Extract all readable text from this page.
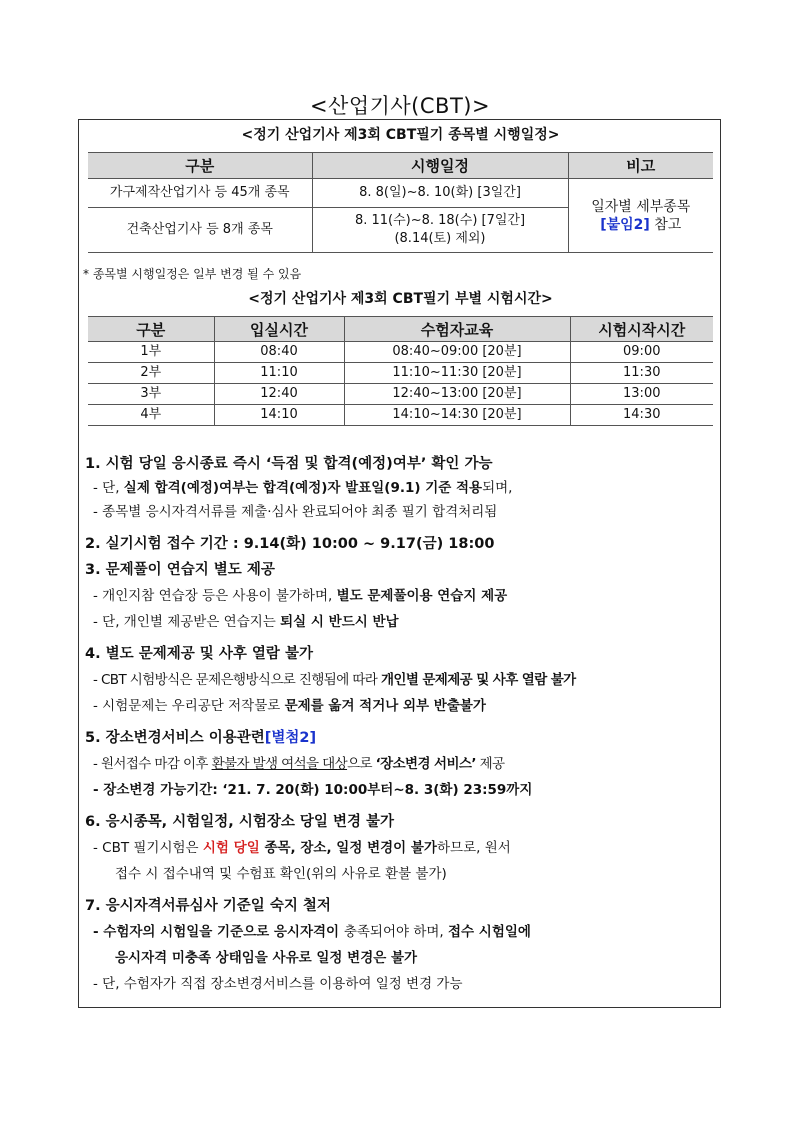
<산업기사(CBT)>
<정기 산업기사 제3회 CBT필기 종목별 시행일정>
구분	시행일정	비고
가구제작산업기사 등 45개 종목	8. 8(일)~8. 10(화) [3일간]	일자별 세부종목
[붙임2] 참고

건축산업기사 등 8개 종목	8. 11(수)~8. 18(수) [7일간]
(8.14(토) 제외)	
* 종목별 시행일정은 일부 변경 될 수 있음
<정기 산업기사 제3회 CBT필기 부별 시험시간>
구분	입실시간	수험자교육	시험시작시간
1부	08:40	08:40~09:00 [20분]	09:00
2부	11:10	11:10~11:30 [20분]	11:30
3부	12:40	12:40~13:00 [20분]	13:00
4부	14:10	14:10~14:30 [20분]	14:30

1. 시험 당일 응시종료 즉시 ‘득점 및 합격(예정)여부’ 확인 가능

- 단, 실제 합격(예정)여부는 합격(예정)자 발표일(9.1) 기준 적용되며,

- 종목별 응시자격서류를 제출·심사 완료되어야 최종 필기 합격처리됨

2. 실기시험 접수 기간 : 9.14(화) 10:00 ~ 9.17(금) 18:00

3. 문제풀이 연습지 별도 제공

- 개인지참 연습장 등은 사용이 불가하며, 별도 문제풀이용 연습지 제공

- 단, 개인별 제공받은 연습지는 퇴실 시 반드시 반납

4. 별도 문제제공 및 사후 열람 불가

- CBT 시험방식은 문제은행방식으로 진행됨에 따라 개인별 문제제공 및 사후 열람 불가

- 시험문제는 우리공단 저작물로 문제를 옮겨 적거나 외부 반출불가

5. 장소변경서비스 이용관련[별첨2]

- 원서접수 마감 이후 환불자 발생 여석을 대상으로 ‘장소변경 서비스’ 제공

- 장소변경 가능기간: ‘21. 7. 20(화) 10:00부터~8. 3(화) 23:59까지

6. 응시종목, 시험일정, 시험장소 당일 변경 불가

- CBT 필기시험은 시험 당일 종목, 장소, 일정 변경이 불가하므로, 원서

접수 시 접수내역 및 수험표 확인(위의 사유로 환불 불가)

7. 응시자격서류심사 기준일 숙지 철저

- 수험자의 시험일을 기준으로 응시자격이 충족되어야 하며, 접수 시험일에

응시자격 미충족 상태임을 사유로 일정 변경은 불가

- 단, 수험자가 직접 장소변경서비스를 이용하여 일정 변경 가능
